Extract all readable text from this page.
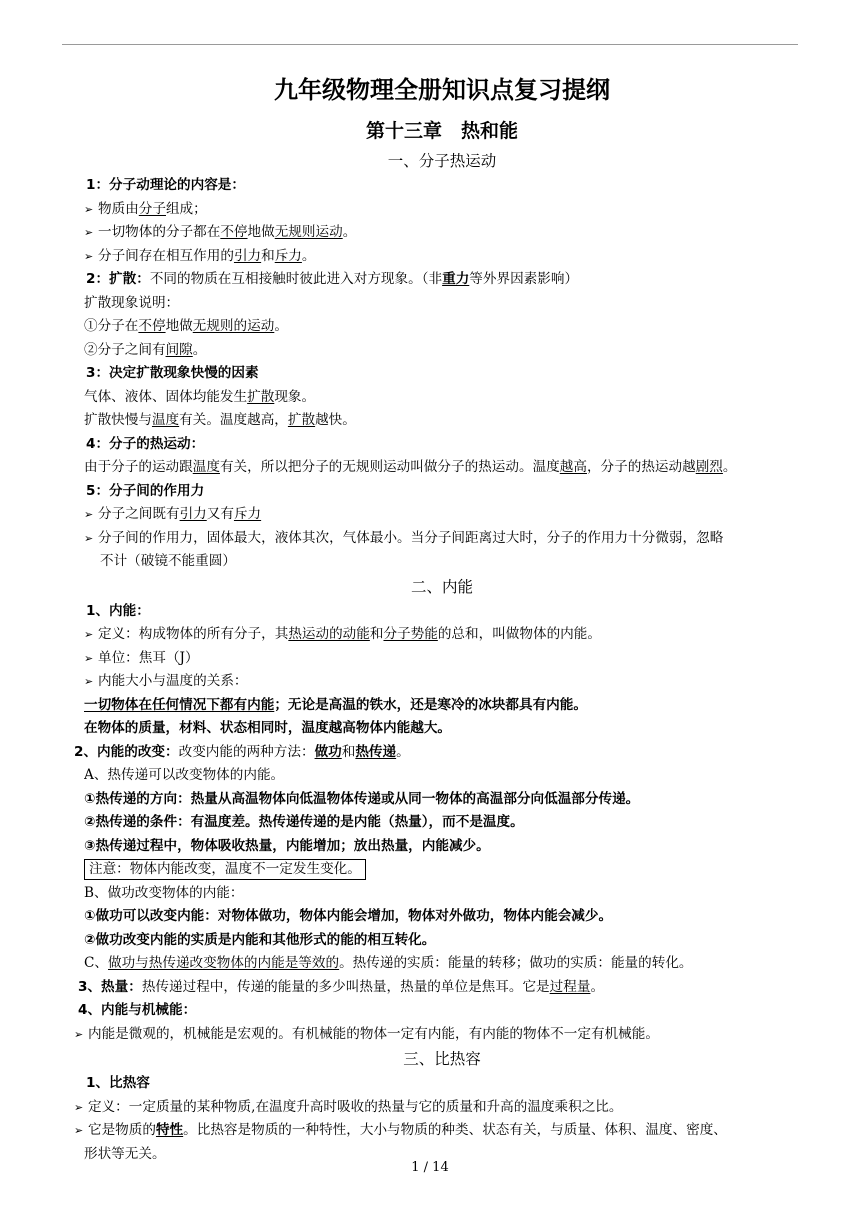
九年级物理全册知识点复习提纲
第十三章　热和能
一、分子热运动
1：分子动理论的内容是：
➢ 物质由分子组成；
➢ 一切物体的分子都在不停地做无规则运动。
➢ 分子间存在相互作用的引力和斥力。
2：扩散：不同的物质在互相接触时彼此进入对方现象。（非重力等外界因素影响）
扩散现象说明：
①分子在不停地做无规则的运动。
②分子之间有间隙。
3：决定扩散现象快慢的因素
气体、液体、固体均能发生扩散现象。
扩散快慢与温度有关。温度越高，扩散越快。
4：分子的热运动：
由于分子的运动跟温度有关，所以把分子的无规则运动叫做分子的热运动。温度越高，分子的热运动越剧烈。
5：分子间的作用力
➢ 分子之间既有引力又有斥力
➢ 分子间的作用力，固体最大，液体其次，气体最小。当分子间距离过大时，分子的作用力十分微弱，忽略
不计（破镜不能重圆）
二、内能
1、内能：
➢ 定义：构成物体的所有分子，其热运动的动能和分子势能的总和，叫做物体的内能。
➢ 单位：焦耳（J）
➢ 内能大小与温度的关系：
一切物体在任何情况下都有内能；无论是高温的铁水，还是寒冷的冰块都具有内能。
在物体的质量，材料、状态相同时，温度越高物体内能越大。
2、内能的改变：改变内能的两种方法：做功和热传递。
A、热传递可以改变物体的内能。
①热传递的方向：热量从高温物体向低温物体传递或从同一物体的高温部分向低温部分传递。
②热传递的条件：有温度差。热传递传递的是内能（热量），而不是温度。
③热传递过程中，物体吸收热量，内能增加；放出热量，内能减少。
注意：物体内能改变，温度不一定发生变化。
B、做功改变物体的内能：
①做功可以改变内能：对物体做功，物体内能会增加，物体对外做功，物体内能会减少。
②做功改变内能的实质是内能和其他形式的能的相互转化。
C、做功与热传递改变物体的内能是等效的。热传递的实质：能量的转移；做功的实质：能量的转化。
3、热量：热传递过程中，传递的能量的多少叫热量，热量的单位是焦耳。它是过程量。
4、内能与机械能：
➢ 内能是微观的，机械能是宏观的。有机械能的物体一定有内能，有内能的物体不一定有机械能。
三、比热容
1、比热容
➢ 定义：一定质量的某种物质,在温度升高时吸收的热量与它的质量和升高的温度乘积之比。
➢ 它是物质的特性。比热容是物质的一种特性，大小与物质的种类、状态有关，与质量、体积、温度、密度、
形状等无关。
1 / 14
